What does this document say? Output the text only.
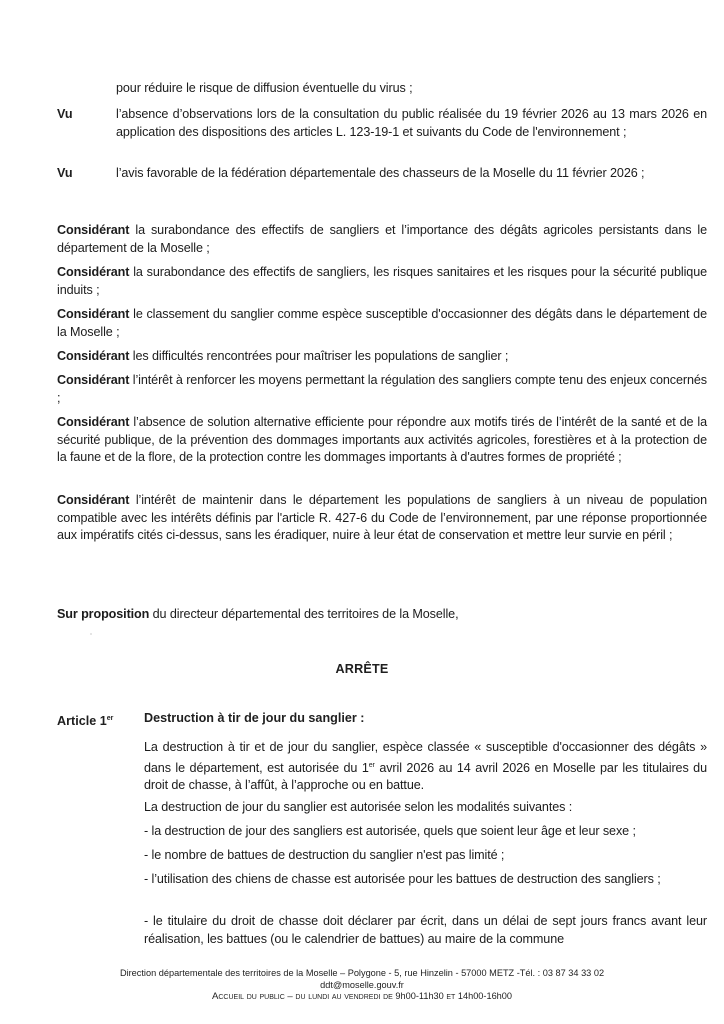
pour réduire le risque de diffusion éventuelle du virus ;
Vu	l’absence d’observations lors de la consultation du public réalisée du 19 février 2026 au 13 mars 2026 en application des dispositions des articles L. 123-19-1 et suivants du Code de l'environnement ;
Vu	l’avis favorable de la fédération départementale des chasseurs de la Moselle du 11 février 2026 ;
Considérant la surabondance des effectifs de sangliers et l’importance des dégâts agricoles persistants dans le département de la Moselle ;
Considérant la surabondance des effectifs de sangliers, les risques sanitaires et les risques pour la sécurité publique induits ;
Considérant le classement du sanglier comme espèce susceptible d'occasionner des dégâts dans le département de la Moselle ;
Considérant les difficultés rencontrées pour maîtriser les populations de sanglier ;
Considérant l’intérêt à renforcer les moyens permettant la régulation des sangliers compte tenu des enjeux concernés ;
Considérant l’absence de solution alternative efficiente pour répondre aux motifs tirés de l’intérêt de la santé et de la sécurité publique, de la prévention des dommages importants aux activités agricoles, forestières et à la protection de la faune et de la flore, de la protection contre les dommages importants à d'autres formes de propriété ;
Considérant l’intérêt de maintenir dans le département les populations de sangliers à un niveau de population compatible avec les intérêts définis par l'article R. 427-6 du Code de l’environnement, par une réponse proportionnée aux impératifs cités ci-dessus, sans les éradiquer, nuire à leur état de conservation et mettre leur survie en péril ;
Sur proposition du directeur départemental des territoires de la Moselle,
ARRÊTE
Article 1er Destruction à tir de jour du sanglier :
La destruction à tir et de jour du sanglier, espèce classée « susceptible d'occasionner des dégâts » dans le département, est autorisée du 1er avril 2026 au 14 avril 2026 en Moselle par les titulaires du droit de chasse, à l’affût, à l’approche ou en battue.
La destruction de jour du sanglier est autorisée selon les modalités suivantes :
- la destruction de jour des sangliers est autorisée, quels que soient leur âge et leur sexe ;
- le nombre de battues de destruction du sanglier n'est pas limité ;
- l’utilisation des chiens de chasse est autorisée pour les battues de destruction des sangliers ;
- le titulaire du droit de chasse doit déclarer par écrit, dans un délai de sept jours francs avant leur réalisation, les battues (ou le calendrier de battues) au maire de la commune
Direction départementale des territoires de la Moselle – Polygone - 5, rue Hinzelin - 57000 METZ -Tél. : 03 87 34 33 02
ddt@moselle.gouv.fr
Accueil du public – du lundi au vendredi de 9h00-11h30 et 14h00-16h00
